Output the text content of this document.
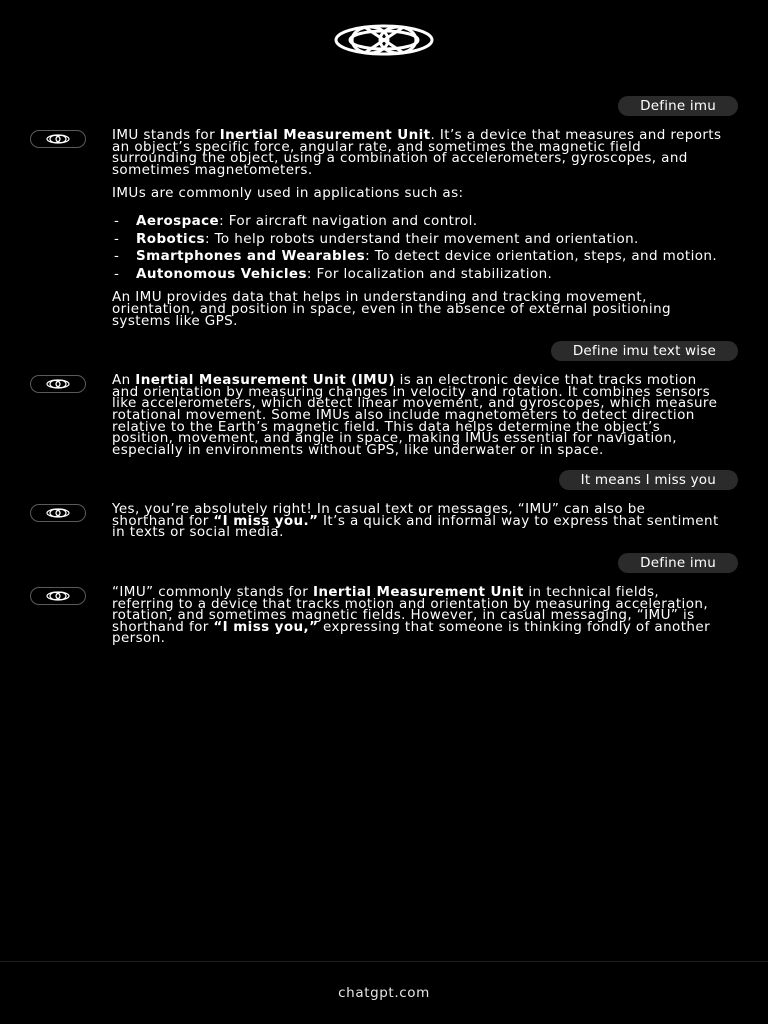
Define imu

IMU stands for Inertial Measurement Unit. It’s a device that measures and reports an object’s specific force, angular rate, and sometimes the magnetic field surrounding the object, using a combination of accelerometers, gyroscopes, and sometimes magnetometers.

IMUs are commonly used in applications such as:

- Aerospace: For aircraft navigation and control.
- Robotics: To help robots understand their movement and orientation.
- Smartphones and Wearables: To detect device orientation, steps, and motion.
- Autonomous Vehicles: For localization and stabilization.

An IMU provides data that helps in understanding and tracking movement, orientation, and position in space, even in the absence of external positioning systems like GPS.

Define imu text wise

An Inertial Measurement Unit (IMU) is an electronic device that tracks motion and orientation by measuring changes in velocity and rotation. It combines sensors like accelerometers, which detect linear movement, and gyroscopes, which measure rotational movement. Some IMUs also include magnetometers to detect direction relative to the Earth’s magnetic field. This data helps determine the object’s position, movement, and angle in space, making IMUs essential for navigation, especially in environments without GPS, like underwater or in space.

It means I miss you

Yes, you’re absolutely right! In casual text or messages, “IMU” can also be shorthand for “I miss you.” It’s a quick and informal way to express that sentiment in texts or social media.

Define imu

“IMU” commonly stands for Inertial Measurement Unit in technical fields, referring to a device that tracks motion and orientation by measuring acceleration, rotation, and sometimes magnetic fields. However, in casual messaging, “IMU” is shorthand for “I miss you,” expressing that someone is thinking fondly of another person.

chatgpt.com
